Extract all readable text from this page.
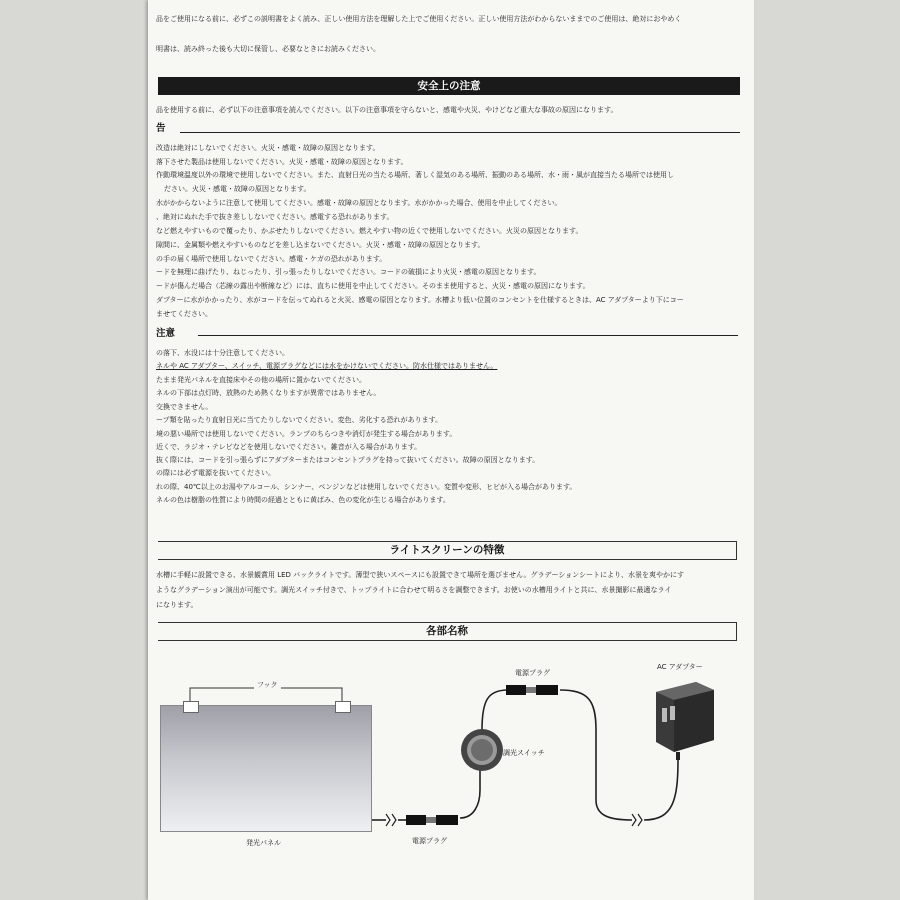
品をご使用になる前に、必ずこの説明書をよく読み、正しい使用方法を理解した上でご使用ください。正しい使用方法がわからないままでのご使用は、絶対におやめく
明書は、読み終った後も大切に保管し、必要なときにお読みください。
安全上の注意
品を使用する前に、必ず以下の注意事項を読んでください。以下の注意事項を守らないと、感電や火災、やけどなど重大な事故の原因になります。
告
改造は絶対にしないでください。火災・感電・故障の原因となります。
落下させた製品は使用しないでください。火災・感電・故障の原因となります。
作動環境温度以外の環境で使用しないでください。また、直射日光の当たる場所、著しく湿気のある場所、振動のある場所、水・雨・風が直接当たる場所では使用し
ださい。火災・感電・故障の原因となります。
水がかからないように注意して使用してください。感電・故障の原因となります。水がかかった場合、使用を中止してください。
、絶対にぬれた手で抜き差ししないでください。感電する恐れがあります。
など燃えやすいもので覆ったり、かぶせたりしないでください。燃えやすい物の近くで使用しないでください。火災の原因となります。
隙間に、金属類や燃えやすいものなどを差し込まないでください。火災・感電・故障の原因となります。
の手の届く場所で使用しないでください。感電・ケガの恐れがあります。
ードを無理に曲げたり、ねじったり、引っ張ったりしないでください。コードの破損により火災・感電の原因となります。
ードが傷んだ場合（芯線の露出や断線など）には、直ちに使用を中止してください。そのまま使用すると、火災・感電の原因になります。
ダプターに水がかかったり、水がコードを伝ってぬれると火災、感電の原因となります。水槽より低い位置のコンセントを仕様するときは、AC アダプターより下にコー
ませてください。
注意
の落下、水没には十分注意してください。
ネルや AC アダプター、スイッチ、電源プラグなどには水をかけないでください。防水仕様ではありません。
たまま発光パネルを直接床やその他の場所に置かないでください。
ネルの下部は点灯時、放熱のため熱くなりますが異常ではありません。
交換できません。
ープ類を貼ったり直射日光に当てたりしないでください。変色、劣化する恐れがあります。
境の悪い場所では使用しないでください。ランプのちらつきや消灯が発生する場合があります。
近くで、ラジオ・テレビなどを使用しないでください。雑音が入る場合があります。
抜く際には、コードを引っ張らずにアダプターまたはコンセントプラグを持って抜いてください。故障の原因となります。
の際には必ず電源を抜いてください。
れの際、40℃以上のお湯やアルコール、シンナー、ベンジンなどは使用しないでください。変質や変形、ヒビが入る場合があります。
ネルの色は樹脂の性質により時間の経過とともに黄ばみ、色の変化が生じる場合があります。
ライトスクリーンの特徴
水槽に手軽に設置できる、水景観賞用 LED バックライトです。薄型で狭いスペースにも設置できて場所を選びません。グラデーションシートにより、水景を爽やかにす
ようなグラデーション演出が可能です。調光スイッチ付きで、トップライトに合わせて明るさを調整できます。お使いの水槽用ライトと共に、水景撮影に最適なライ
になります。
各部名称
フック
発光パネル	電源プラグ
調光スイッチ
電源プラグ
AC アダプター
